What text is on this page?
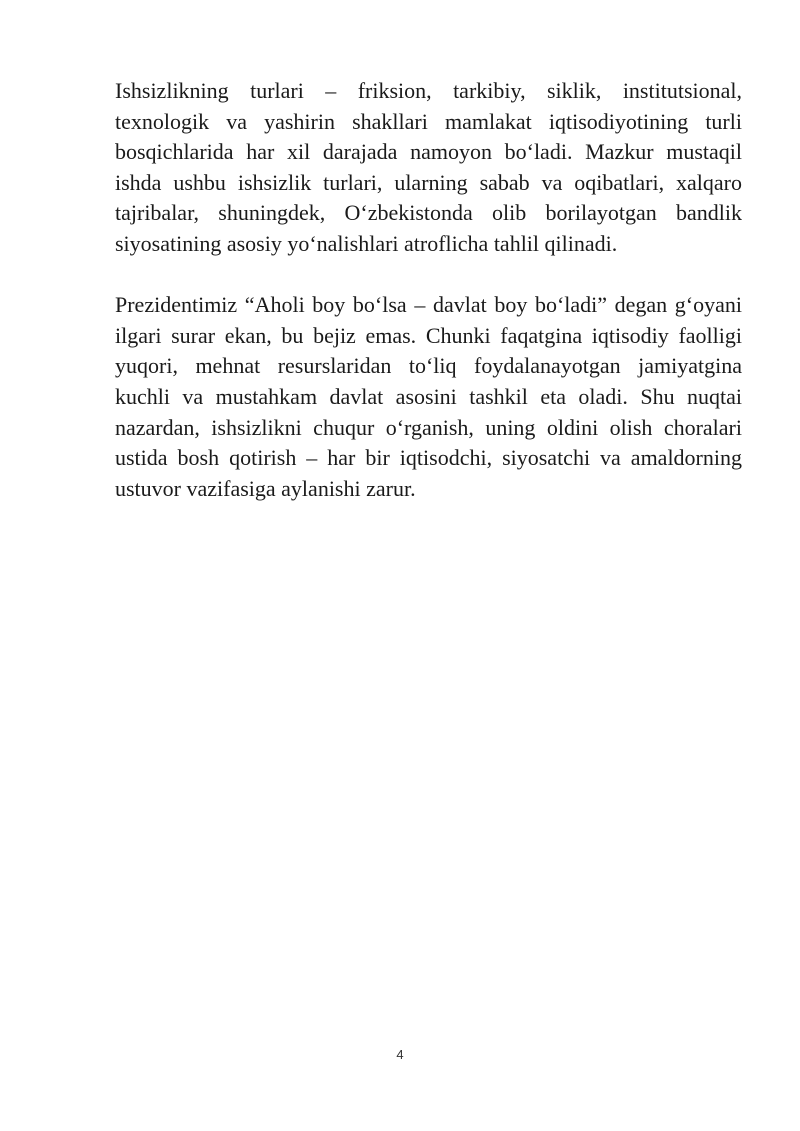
Ishsizlikning turlari – friksion, tarkibiy, siklik, institutsional, texnologik va yashirin shakllari mamlakat iqtisodiyotining turli bosqichlarida har xil darajada namoyon bo‘ladi. Mazkur mustaqil ishda ushbu ishsizlik turlari, ularning sabab va oqibatlari, xalqaro tajribalar, shuningdek, O‘zbekistonda olib borilayotgan bandlik siyosatining asosiy yo‘nalishlari atroflicha tahlil qilinadi.

Prezidentimiz “Aholi boy bo‘lsa – davlat boy bo‘ladi” degan g‘oyani ilgari surar ekan, bu bejiz emas. Chunki faqatgina iqtisodiy faolligi yuqori, mehnat resurslaridan to‘liq foydalanayotgan jamiyatgina kuchli va mustahkam davlat asosini tashkil eta oladi. Shu nuqtai nazardan, ishsizlikni chuqur o‘rganish, uning oldini olish choralari ustida bosh qotirish – har bir iqtisodchi, siyosatchi va amaldorning ustuvor vazifasiga aylanishi zarur.

4
